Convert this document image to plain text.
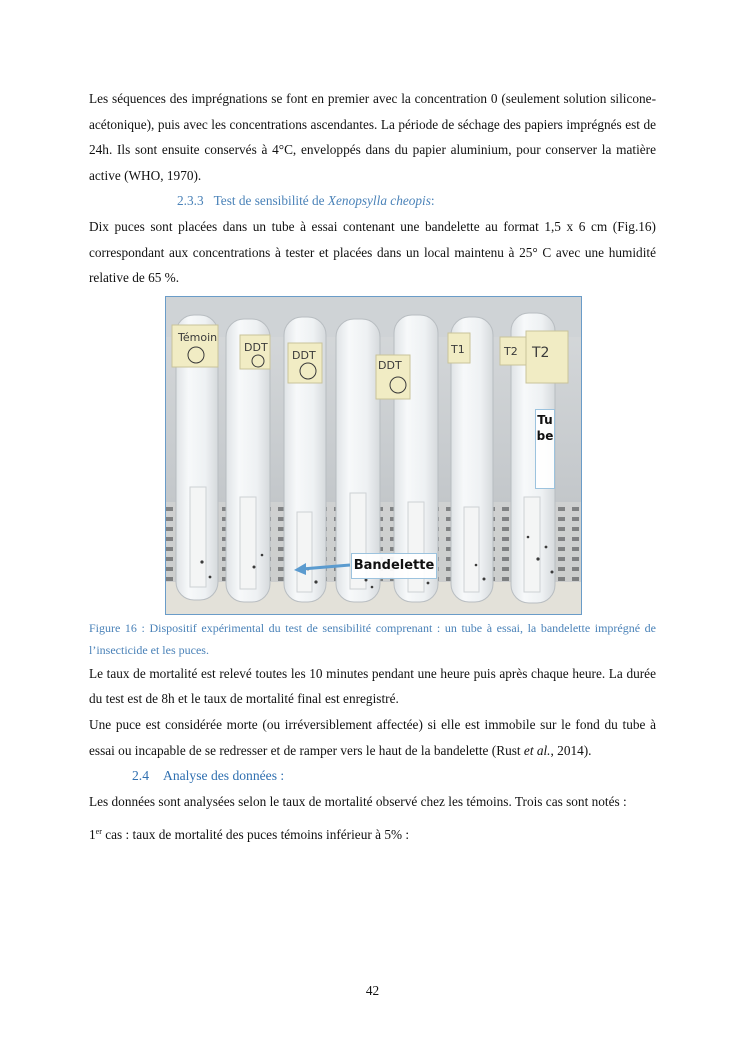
Les séquences des imprégnations se font en premier avec la concentration 0 (seulement solution silicone-acétonique), puis avec les concentrations ascendantes. La période de séchage des papiers imprégnés est de 24h. Ils sont ensuite conservés à 4°C, enveloppés dans du papier aluminium, pour conserver la matière active (WHO, 1970).

2.3.3 Test de sensibilité de Xenopsylla cheopis:

Dix puces sont placées dans un tube à essai contenant une bandelette au format 1,5 x 6 cm (Fig.16) correspondant aux concentrations à tester et placées dans un local maintenu à 25° C avec une humidité relative de 65 %.

Témoin
DDT
DDT
DDT
T1	T2 T2
Tube
Bandelette
Figure 16 : Dispositif expérimental du test de sensibilité comprenant : un tube à essai, la bandelette imprégné de l’insecticide et les puces.

Le taux de mortalité est relevé toutes les 10 minutes pendant une heure puis après chaque heure. La durée du test est de 8h et le taux de mortalité final est enregistré.

Une puce est considérée morte (ou irréversiblement affectée) si elle est immobile sur le fond du tube à essai ou incapable de se redresser et de ramper vers le haut de la bandelette (Rust et al., 2014).

2.4 Analyse des données :

Les données sont analysées selon le taux de mortalité observé chez les témoins. Trois cas sont notés :

1er cas : taux de mortalité des puces témoins inférieur à 5% :

42
